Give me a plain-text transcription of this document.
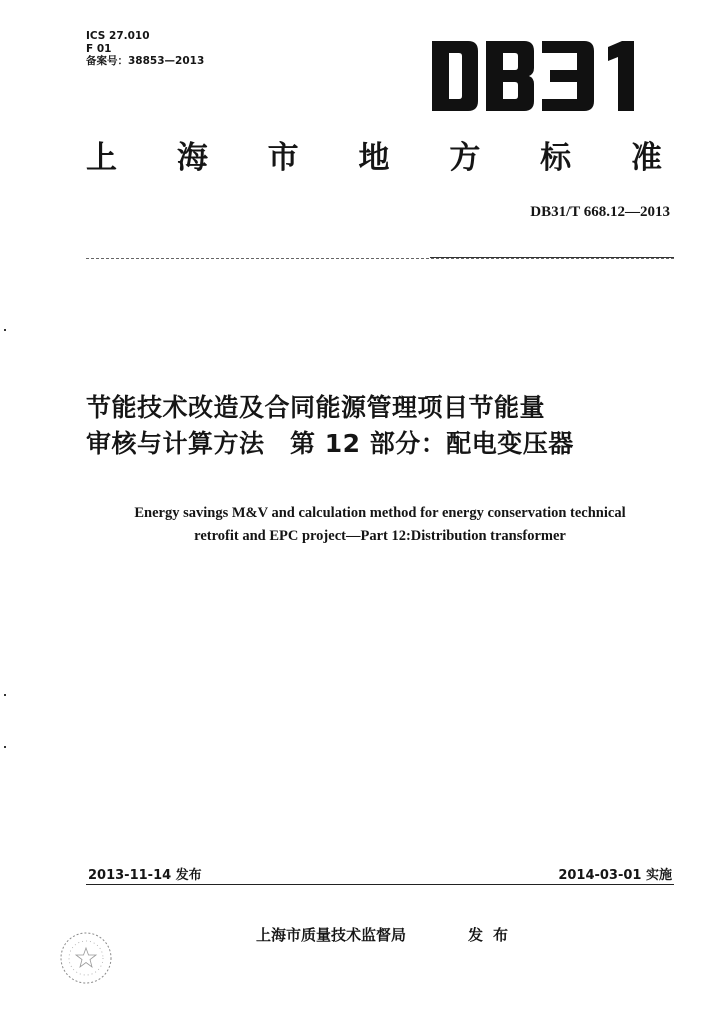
ICS 27.010
F 01
备案号：38853—2013
上 海 市 地 方 标 准
DB31/T 668.12—2013
节能技术改造及合同能源管理项目节能量
审核与计算方法　第 12 部分：配电变压器
Energy savings M&V and calculation method for energy conservation technical
retrofit and EPC project—Part 12:Distribution transformer
2013-11-14 发布	2014-03-01 实施
上海市质量技术监督局	发布
